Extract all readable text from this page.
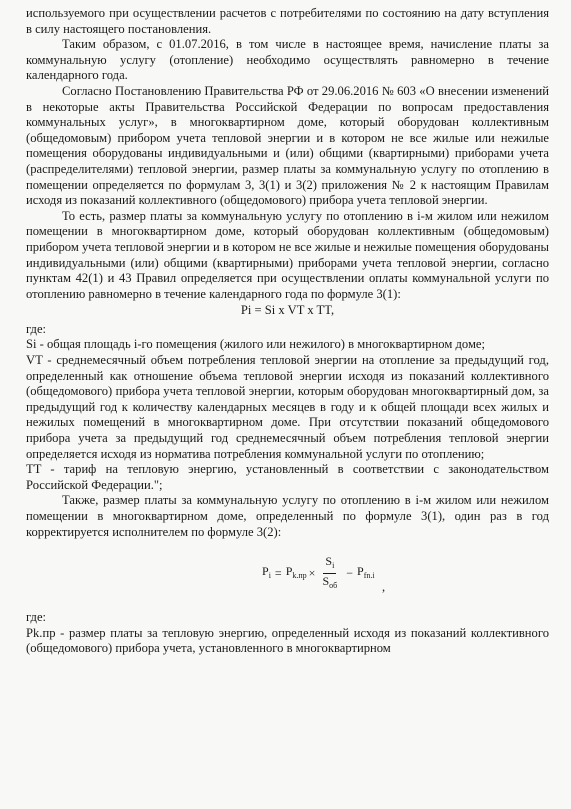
используемого при осуществлении расчетов с потребителями по состоянию на дату вступления в силу настоящего постановления.

Таким образом, с 01.07.2016, в том числе в настоящее время, начисление платы за коммунальную услугу (отопление) необходимо осуществлять равномерно в течение календарного года.

Согласно Постановлению Правительства РФ от 29.06.2016 № 603 «О внесении изменений в некоторые акты Правительства Российской Федерации по вопросам предоставления коммунальных услуг», в многоквартирном доме, который оборудован коллективным (общедомовым) прибором учета тепловой энергии и в котором не все жилые или нежилые помещения оборудованы индивидуальными и (или) общими (квартирными) приборами учета (распределителями) тепловой энергии, размер платы за коммунальную услугу по отоплению в помещении определяется по формулам 3, 3(1) и 3(2) приложения № 2 к настоящим Правилам исходя из показаний коллективного (общедомового) прибора учета тепловой энергии.

То есть, размер платы за коммунальную услугу по отоплению в i-м жилом или нежилом помещении в многоквартирном доме, который оборудован коллективным (общедомовым) прибором учета тепловой энергии и в котором не все жилые и нежилые помещения оборудованы индивидуальными (или) общими (квартирными) приборами учета тепловой энергии, согласно пунктам 42(1) и 43 Правил определяется при осуществлении оплаты коммунальной услуги по отоплению равномерно в течение календарного года по формуле 3(1):

Pi = Si x VT x TT,

где:

Si - общая площадь i-го помещения (жилого или нежилого) в многоквартирном доме;

VT - среднемесячный объем потребления тепловой энергии на отопление за предыдущий год, определенный как отношение объема тепловой энергии исходя из показаний коллективного (общедомового) прибора учета тепловой энергии, которым оборудован многоквартирный дом, за предыдущий год к количеству календарных месяцев в году и к общей площади всех жилых и нежилых помещений в многоквартирном доме. При отсутствии показаний общедомового прибора учета за предыдущий год среднемесячный объем потребления тепловой энергии определяется исходя из норматива потребления коммунальной услуги по отоплению;

TT - тариф на тепловую энергию, установленный в соответствии с законодательством Российской Федерации.";

Также, размер платы за коммунальную услугу по отоплению в i-м жилом или нежилом помещении в многоквартирном доме, определенный по формуле 3(1), один раз в год корректируется исполнителем по формуле 3(2):

$P_i = P_{k.пр} \times \frac{S_i}{S_{об}} - P_{fn.i}$
,

где:

Pk.пр - размер платы за тепловую энергию, определенный исходя из показаний коллективного (общедомового) прибора учета, установленного в многоквартирном
